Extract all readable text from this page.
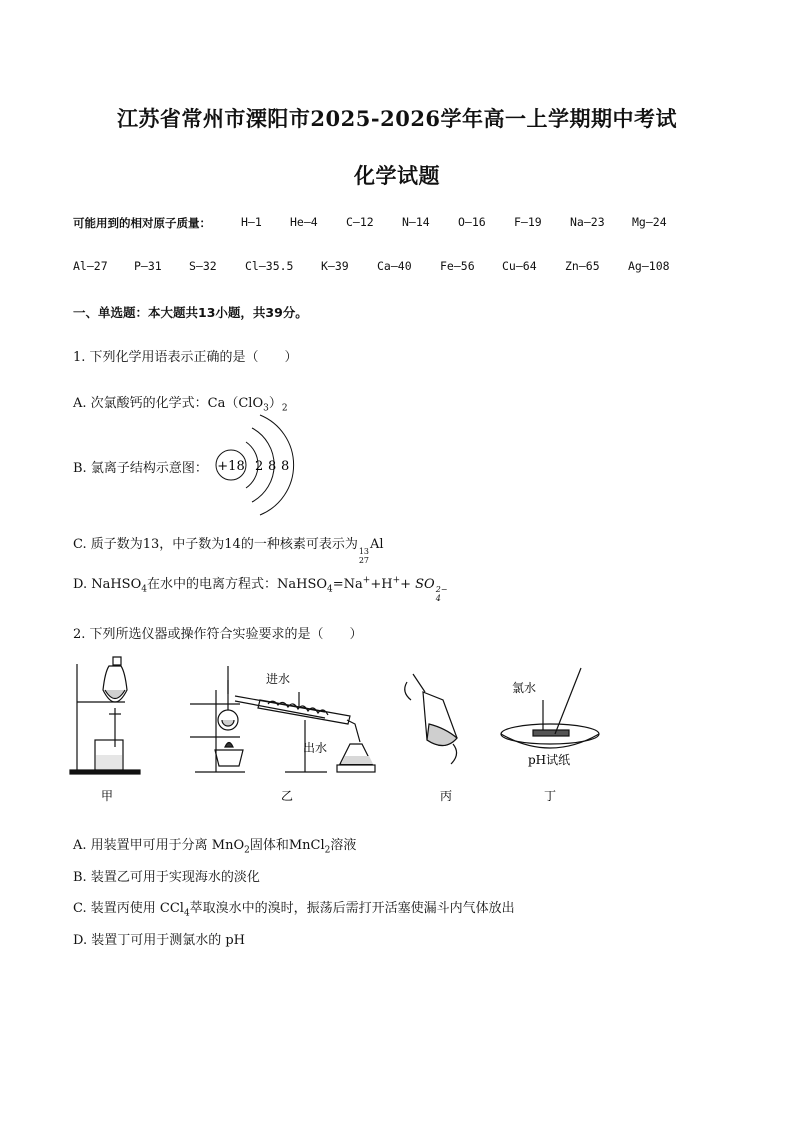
江苏省常州市溧阳市2025-2026学年高一上学期期中考试
化学试题
可能用到的相对原子质量：	H—1	He—4	C—12	N—14	O—16	F—19	Na—23	Mg—24
Al—27	P—31	S—32	Cl—35.5	K—39	Ca—40	Fe—56	Cu—64	Zn—65	Ag—108
一、单选题：本大题共13小题，共39分。
1. 下列化学用语表示正确的是（　　）
A. 次氯酸钙的化学式：$Ca(ClO_3)_2$
B. 氯离子结构示意图： +18 2 8 8
C. 质子数为13，中子数为14的一种核素可表示为 13
27
Al
D. NaHSO$_4$在水中的电离方程式：NaHSO$_4$=Na++H++ SO 2−
4
2. 下列所选仪器或操作符合实验要求的是（　　）
进水
出水
氯水
pH试纸
甲	乙	丙	丁
A. 用装置甲可用于分离 MnO$_2$固体和MnCl$_2$溶液
B. 装置乙可用于实现海水的淡化
C. 装置丙使用 CCl$_4$萃取溴水中的溴时，振荡后需打开活塞使漏斗内气体放出
D. 装置丁可用于测氯水的 pH
